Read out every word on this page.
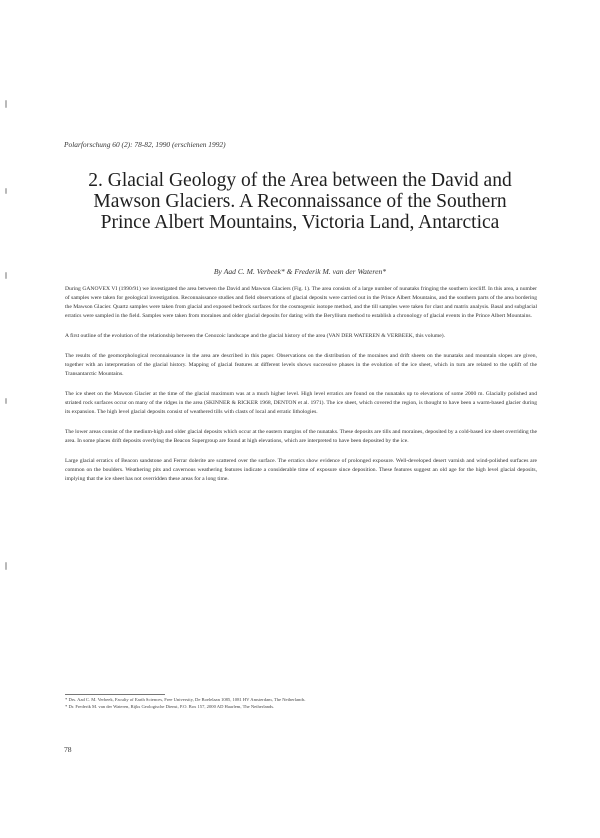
Polarforschung 60 (2): 78-82, 1990 (erschienen 1992)
2. Glacial Geology of the Area between the David and Mawson Glaciers. A Reconnaissance of the Southern Prince Albert Mountains, Victoria Land, Antarctica
By Aad C. M. Verbeek* & Frederik M. van der Wateren*

During GANOVEX VI (1990/91) we investigated the area between the David and Mawson Glaciers (Fig. 1). The area consists of a large number of nunataks fringing the southern icecliff. In this area, a number of samples were taken for geological investigation. Reconnaissance studies and field observations of glacial deposits were carried out in the Prince Albert Mountains, and the southern parts of the area bordering the Mawson Glacier. Quartz samples were taken from glacial and exposed bedrock surfaces for the cosmogenic isotope method, and the till samples were taken for clast and matrix analysis. Basal and subglacial erratics were sampled in the field. Samples were taken from moraines and older glacial deposits for dating with the Beryllium method to establish a chronology of glacial events in the Prince Albert Mountains.

A first outline of the evolution of the relationship between the Cenozoic landscape and the glacial history of the area (VAN DER WATEREN & VERBEEK, this volume).

The results of the geomorphological reconnaissance in the area are described in this paper. Observations on the distribution of the moraines and drift sheets on the nunataks and mountain slopes are given, together with an interpretation of the glacial history. Mapping of glacial features at different levels shows successive phases in the evolution of the ice sheet, which in turn are related to the uplift of the Transantarctic Mountains.

The ice sheet on the Mawson Glacier at the time of the glacial maximum was at a much higher level. High level erratics are found on the nunataks up to elevations of some 2000 m. Glacially polished and striated rock surfaces occur on many of the ridges in the area (SKINNER & RICKER 1968, DENTON et al. 1971). The ice sheet, which covered the region, is thought to have been a warm-based glacier during its expansion. The high level glacial deposits consist of weathered tills with clasts of local and erratic lithologies.

The lower areas consist of the medium-high and older glacial deposits which occur at the eastern margins of the nunataks. These deposits are tills and moraines, deposited by a cold-based ice sheet overriding the area. In some places drift deposits overlying the Beacon Supergroup are found at high elevations, which are interpreted to have been deposited by the ice.

Large glacial erratics of Beacon sandstone and Ferrar dolerite are scattered over the surface. The erratics show evidence of prolonged exposure. Well-developed desert varnish and wind-polished surfaces are common on the boulders. Weathering pits and cavernous weathering features indicate a considerable time of exposure since deposition. These features suggest an old age for the high level glacial deposits, implying that the ice sheet has not overridden these areas for a long time.

* Drs. Aad C. M. Verbeek, Faculty of Earth Sciences, Free University, De Boelelaan 1085, 1081 HV Amsterdam, The Netherlands.
* Dr. Frederik M. van der Wateren, Rijks Geologische Dienst, P.O. Box 157, 2000 AD Haarlem, The Netherlands.
78
